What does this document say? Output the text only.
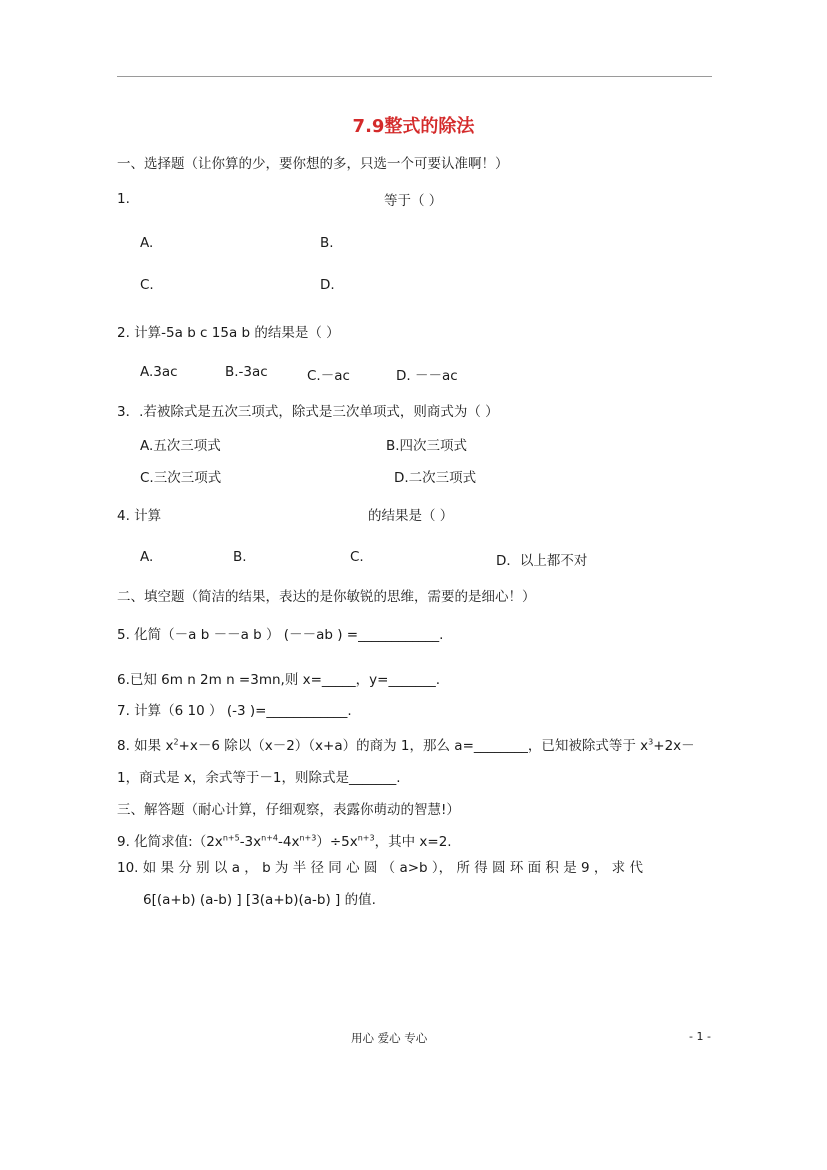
7.9整式的除法
一、选择题（让你算的少，要你想的多，只选一个可要认准啊！）
1.	等于（ ）
A.	B.
C.	D.
2. 计算-5a b c 15a b 的结果是（ ）
A.3ac	B.-3ac	C.－ac	D. －－ac
3．.若被除式是五次三项式，除式是三次单项式，则商式为（ ）
A.五次三项式	B.四次三项式
C.三次三项式	D.二次三项式
4. 计算	的结果是（ ）
A.	B.	C.	D．以上都不对
二、填空题（简洁的结果，表达的是你敏锐的思维，需要的是细心！）
5. 化简（－a b －－a b ） (－－ab ) =____________.
6.已知 6m n 2m n =3mn,则 x=_____，y=_______.
7. 计算（6 10 ） (-3 )=____________.
8. 如果 $x^2+x-6$ 除以（x－2）（x+a）的商为 1，那么 a=________，已知被除式等于 $x^3+2x-$
1，商式是 x，余式等于－1，则除式是_______.
三、解答题（耐心计算，仔细观察，表露你萌动的智慧!）
9. 化简求值$:(2x^{n+5}-3x^{n+4}-4x^{n+3})\div 5x^{n+3}$，其中 x=2.
10. 如 果 分 别 以 a ， b 为 半 径 同 心 圆 （ a>b ）， 所 得 圆 环 面 积 是 9 ， 求 代
6[(a+b) (a-b) ] [3(a+b)(a-b) ] 的值.
用心 爱心 专心	- 1 -
